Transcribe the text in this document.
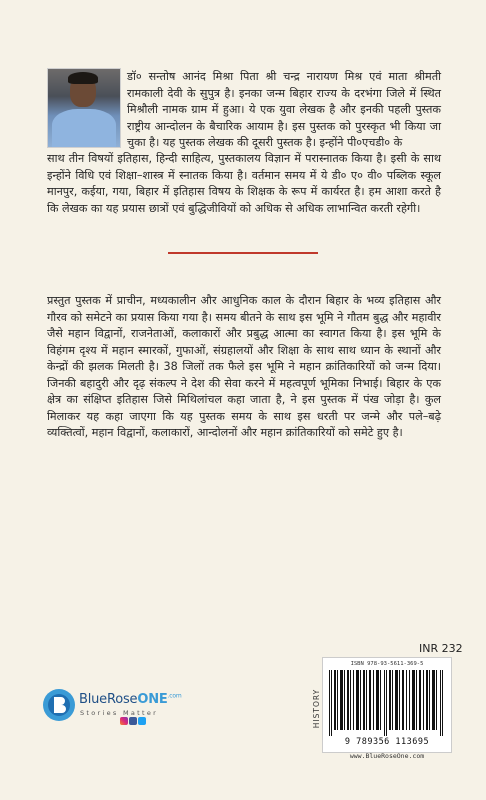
डॉ० सन्तोष आनंद मिश्रा पिता श्री चन्द्र नारायण मिश्र एवं माता श्रीमती रामकाली देवी के सुपुत्र है। इनका जन्म बिहार राज्य के दरभंगा जिले में स्थित मिश्रौली नामक ग्राम में हुआ। ये एक युवा लेखक है और इनकी पहली पुस्तक राष्ट्रीय आन्दोलन के बैचारिक आयाम है। इस पुस्तक को पुरस्कृत भी किया जा चुका है। यह पुस्तक लेखक की दूसरी पुस्तक है। इन्होंने पी०एचडी० के

साथ तीन विषयों इतिहास, हिन्दी साहित्य, पुस्तकालय विज्ञान में परास्नातक किया है। इसी के साथ इन्होंने विधि एवं शिक्षा–शास्त्र में स्नातक किया है। वर्तमान समय में ये डी० ए० वी० पब्लिक स्कूल मानपुर, कईया, गया, बिहार में इतिहास विषय के शिक्षक के रूप में कार्यरत है। हम आशा करते है कि लेखक का यह प्रयास छात्रों एवं बुद्धिजीवियों को अधिक से अधिक लाभान्वित करती रहेगी।

प्रस्तुत पुस्तक में प्राचीन, मध्यकालीन और आधुनिक काल के दौरान बिहार के भव्य इतिहास और गौरव को समेटने का प्रयास किया गया है। समय बीतने के साथ इस भूमि ने गौतम बुद्ध और महावीर जैसे महान विद्वानों, राजनेताओं, कलाकारों और प्रबुद्ध आत्मा का स्वागत किया है। इस भूमि के विहंगम दृश्य में महान स्मारकों, गुफाओं, संग्रहालयों और शिक्षा के साथ साथ ध्यान के स्थानों और केन्द्रों की झलक मिलती है। 38 जिलों तक फैले इस भूमि ने महान क्रांतिकारियों को जन्म दिया। जिनकी बहादुरी और दृढ़ संकल्प ने देश की सेवा करने में महत्वपूर्ण भूमिका निभाई। बिहार के एक क्षेत्र का संक्षिप्त इतिहास जिसे मिथिलांचल कहा जाता है, ने इस पुस्तक में पंख जोड़ा है। कुल मिलाकर यह कहा जाएगा कि यह पुस्तक समय के साथ इस धरती पर जन्मे और पले–बढ़े व्यक्तित्वों, महान विद्वानों, कलाकारों, आन्दोलनों और महान क्रांतिकारियों को समेटे हुए है।

INR 232
HISTORY
ISBN 978-93-5611-369-5
9 789356 113695
www.BlueRoseOne.com
BlueRoseONE$^{.com}$
Stories Matter
